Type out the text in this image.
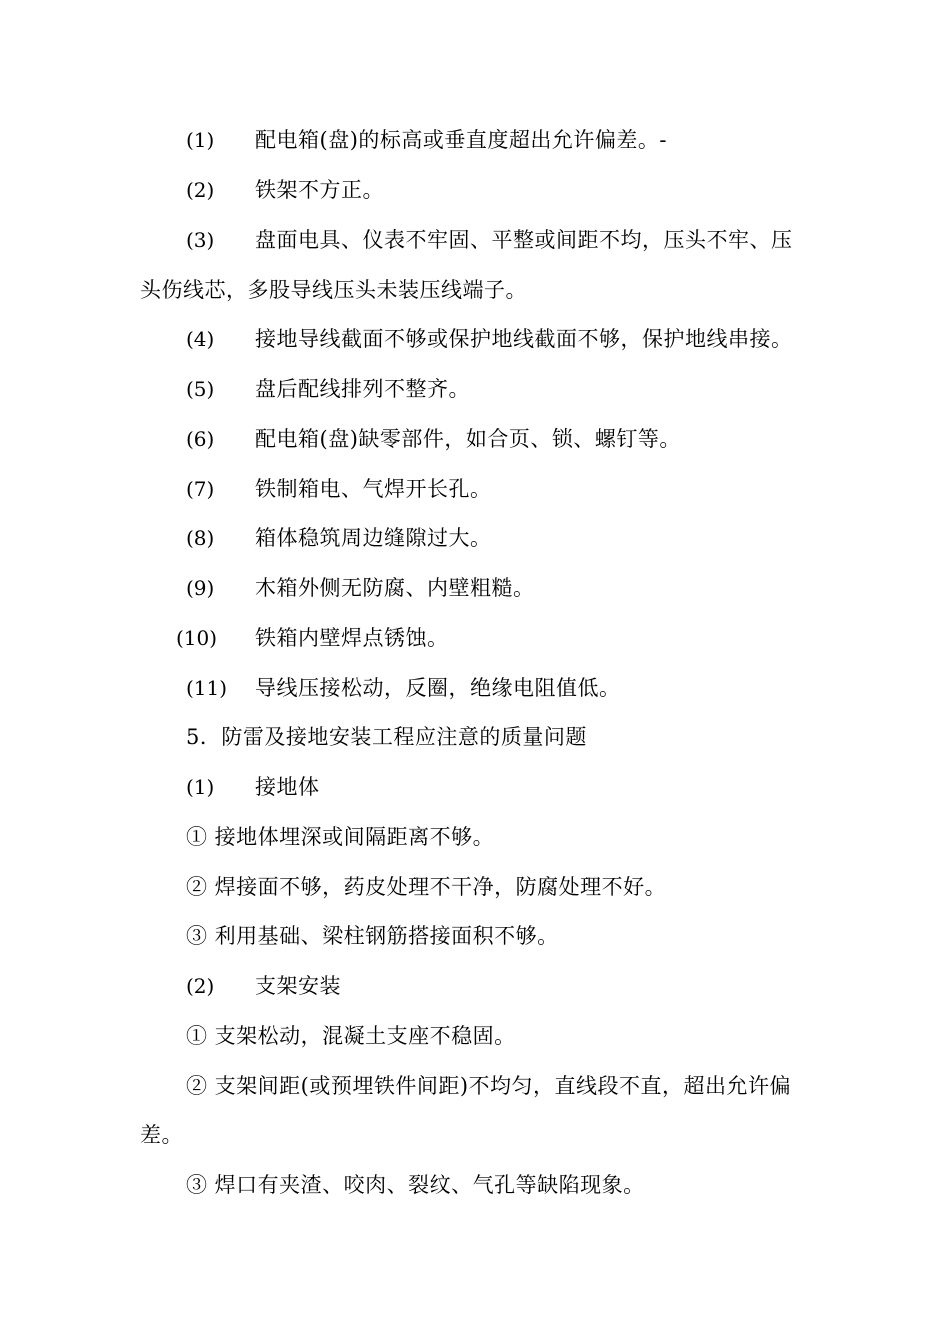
(1) 配电箱(盘)的标高或垂直度超出允许偏差。-
(2) 铁架不方正。
(3) 盘面电具、仪表不牢固、平整或间距不均，压头不牢、压
头伤线芯，多股导线压头未装压线端子。
(4) 接地导线截面不够或保护地线截面不够，保护地线串接。
(5) 盘后配线排列不整齐。
(6) 配电箱(盘)缺零部件，如合页、锁、螺钉等。
(7) 铁制箱电、气焊开长孔。
(8) 箱体稳筑周边缝隙过大。
(9) 木箱外侧无防腐、内壁粗糙。
(10) 铁箱内壁焊点锈蚀。
(11) 导线压接松动，反圈，绝缘电阻值低。
5．防雷及接地安装工程应注意的质量问题
(1) 接地体
① 接地体埋深或间隔距离不够。
② 焊接面不够，药皮处理不干净，防腐处理不好。
③ 利用基础、梁柱钢筋搭接面积不够。
(2) 支架安装
① 支架松动，混凝土支座不稳固。
② 支架间距(或预埋铁件间距)不均匀，直线段不直，超出允许偏
差。
③ 焊口有夹渣、咬肉、裂纹、气孔等缺陷现象。
